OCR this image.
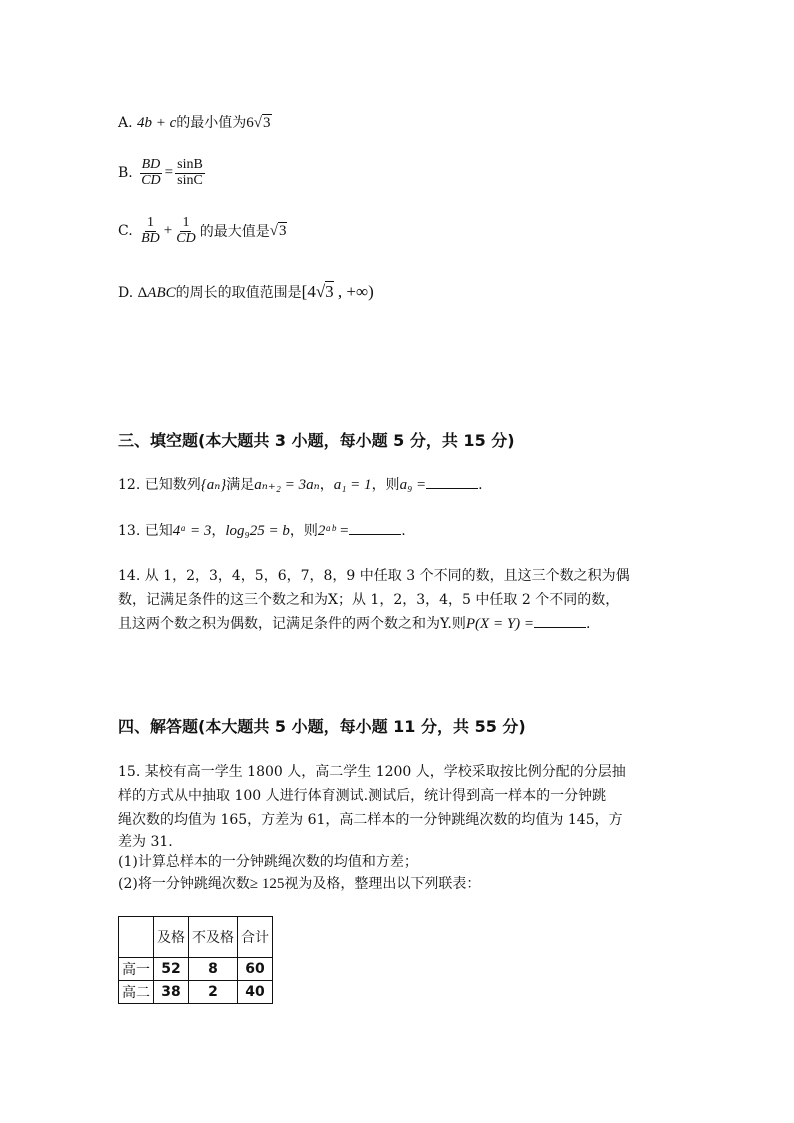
A. 4b + c的最小值为6√3
B. $\frac{BD}{CD} = \frac{\sin B}{\sin C}$
C. $\frac{1}{BD} + \frac{1}{CD}$ 的最大值是√3
D. ΔABC的周长的取值范围是[4√3 , +∞)
三、填空题(本大题共 3 小题，每小题 5 分，共 15 分)
12. 已知数列{aₙ}满足aₙ₊₂ = 3aₙ，a₁ = 1，则a₉ =	.
13. 已知4ᵃ = 3，log₉25 = b，则2ᵃᵇ =	.
14. 从 1，2，3，4，5，6，7，8，9 中任取 3 个不同的数，且这三个数之积为偶
数，记满足条件的这三个数之和为X；从 1，2，3，4，5 中任取 2 个不同的数，
且这两个数之积为偶数，记满足条件的两个数之和为Y.则P(X = Y) =	.
四、解答题(本大题共 5 小题，每小题 11 分，共 55 分)
15. 某校有高一学生 1800 人，高二学生 1200 人，学校采取按比例分配的分层抽
样的方式从中抽取 100 人进行体育测试.测试后，统计得到高一样本的一分钟跳
绳次数的均值为 165，方差为 61，高二样本的一分钟跳绳次数的均值为 145，方
差为 31.
(1)计算总样本的一分钟跳绳次数的均值和方差；
(2)将一分钟跳绳次数≥ 125视为及格，整理出以下列联表：
	及格	不及格	合计
高一	52	8	60
高二	38	2	40
